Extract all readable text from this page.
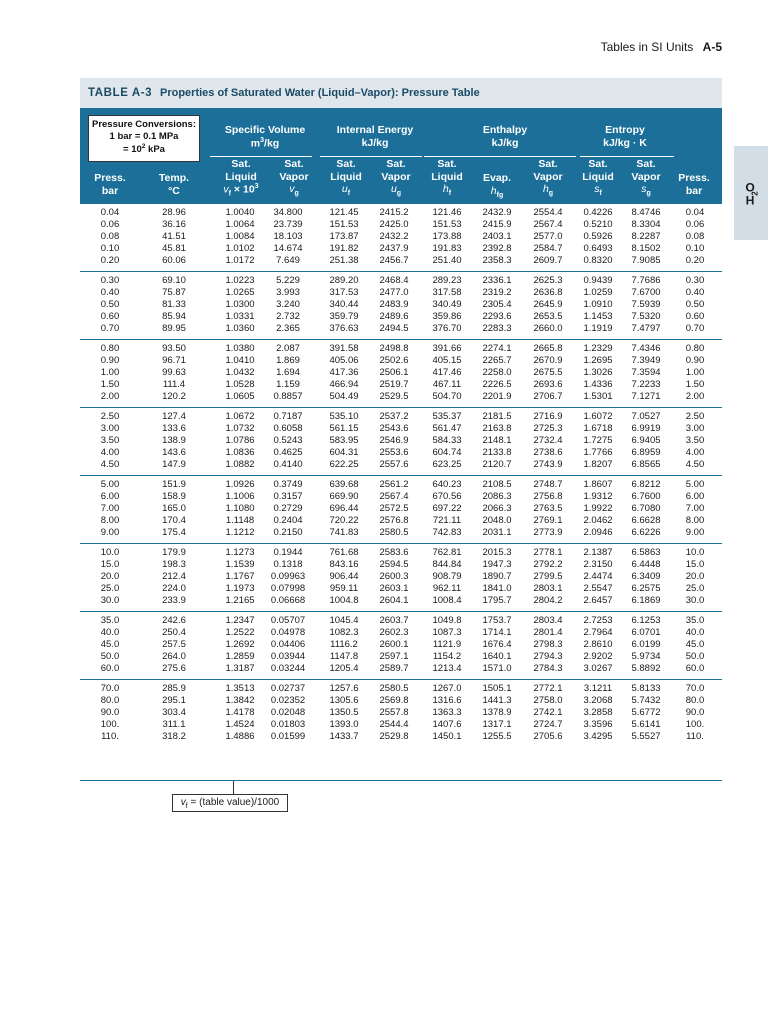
Tables in SI Units A-5
$H_2O$
TABLE A-3 Properties of Saturated Water (Liquid–Vapor): Pressure Table
Pressure Conversions:
1 bar = 0.1 MPa
= $10^2$ kPa
Specific Volume
$m^3/kg$
Internal Energy
kJ/kg
Enthalpy
kJ/kg
Entropy
kJ/kg · K
Press.
bar
Temp.
°C
Sat.
Liquid
$v_f \times 10^3$
Sat.
Vapor
$v_g$
Sat.
Liquid
$u_f$
Sat.
Vapor
$u_g$
Sat.
Liquid
$h_f$
Evap.
$h_{fg}$
Sat.
Vapor
$h_g$
Sat.
Liquid
$s_f$
Sat.
Vapor
$s_g$
Press.
bar
0.04	28.96	1.0040	34.800	121.45	2415.2	121.46	2432.9	2554.4	0.4226	8.4746	0.04
0.06	36.16	1.0064	23.739	151.53	2425.0	151.53	2415.9	2567.4	0.5210	8.3304	0.06
0.08	41.51	1.0084	18.103	173.87	2432.2	173.88	2403.1	2577.0	0.5926	8.2287	0.08
0.10	45.81	1.0102	14.674	191.82	2437.9	191.83	2392.8	2584.7	0.6493	8.1502	0.10
0.20	60.06	1.0172	7.649	251.38	2456.7	251.40	2358.3	2609.7	0.8320	7.9085	0.20
0.30	69.10	1.0223	5.229	289.20	2468.4	289.23	2336.1	2625.3	0.9439	7.7686	0.30
0.40	75.87	1.0265	3.993	317.53	2477.0	317.58	2319.2	2636.8	1.0259	7.6700	0.40
0.50	81.33	1.0300	3.240	340.44	2483.9	340.49	2305.4	2645.9	1.0910	7.5939	0.50
0.60	85.94	1.0331	2.732	359.79	2489.6	359.86	2293.6	2653.5	1.1453	7.5320	0.60
0.70	89.95	1.0360	2.365	376.63	2494.5	376.70	2283.3	2660.0	1.1919	7.4797	0.70
0.80	93.50	1.0380	2.087	391.58	2498.8	391.66	2274.1	2665.8	1.2329	7.4346	0.80
0.90	96.71	1.0410	1.869	405.06	2502.6	405.15	2265.7	2670.9	1.2695	7.3949	0.90
1.00	99.63	1.0432	1.694	417.36	2506.1	417.46	2258.0	2675.5	1.3026	7.3594	1.00
1.50	111.4	1.0528	1.159	466.94	2519.7	467.11	2226.5	2693.6	1.4336	7.2233	1.50
2.00	120.2	1.0605	0.8857	504.49	2529.5	504.70	2201.9	2706.7	1.5301	7.1271	2.00
2.50	127.4	1.0672	0.7187	535.10	2537.2	535.37	2181.5	2716.9	1.6072	7.0527	2.50
3.00	133.6	1.0732	0.6058	561.15	2543.6	561.47	2163.8	2725.3	1.6718	6.9919	3.00
3.50	138.9	1.0786	0.5243	583.95	2546.9	584.33	2148.1	2732.4	1.7275	6.9405	3.50
4.00	143.6	1.0836	0.4625	604.31	2553.6	604.74	2133.8	2738.6	1.7766	6.8959	4.00
4.50	147.9	1.0882	0.4140	622.25	2557.6	623.25	2120.7	2743.9	1.8207	6.8565	4.50
5.00	151.9	1.0926	0.3749	639.68	2561.2	640.23	2108.5	2748.7	1.8607	6.8212	5.00
6.00	158.9	1.1006	0.3157	669.90	2567.4	670.56	2086.3	2756.8	1.9312	6.7600	6.00
7.00	165.0	1.1080	0.2729	696.44	2572.5	697.22	2066.3	2763.5	1.9922	6.7080	7.00
8.00	170.4	1.1148	0.2404	720.22	2576.8	721.11	2048.0	2769.1	2.0462	6.6628	8.00
9.00	175.4	1.1212	0.2150	741.83	2580.5	742.83	2031.1	2773.9	2.0946	6.6226	9.00
10.0	179.9	1.1273	0.1944	761.68	2583.6	762.81	2015.3	2778.1	2.1387	6.5863	10.0
15.0	198.3	1.1539	0.1318	843.16	2594.5	844.84	1947.3	2792.2	2.3150	6.4448	15.0
20.0	212.4	1.1767	0.09963	906.44	2600.3	908.79	1890.7	2799.5	2.4474	6.3409	20.0
25.0	224.0	1.1973	0.07998	959.11	2603.1	962.11	1841.0	2803.1	2.5547	6.2575	25.0
30.0	233.9	1.2165	0.06668	1004.8	2604.1	1008.4	1795.7	2804.2	2.6457	6.1869	30.0
35.0	242.6	1.2347	0.05707	1045.4	2603.7	1049.8	1753.7	2803.4	2.7253	6.1253	35.0
40.0	250.4	1.2522	0.04978	1082.3	2602.3	1087.3	1714.1	2801.4	2.7964	6.0701	40.0
45.0	257.5	1.2692	0.04406	1116.2	2600.1	1121.9	1676.4	2798.3	2.8610	6.0199	45.0
50.0	264.0	1.2859	0.03944	1147.8	2597.1	1154.2	1640.1	2794.3	2.9202	5.9734	50.0
60.0	275.6	1.3187	0.03244	1205.4	2589.7	1213.4	1571.0	2784.3	3.0267	5.8892	60.0
70.0	285.9	1.3513	0.02737	1257.6	2580.5	1267.0	1505.1	2772.1	3.1211	5.8133	70.0
80.0	295.1	1.3842	0.02352	1305.6	2569.8	1316.6	1441.3	2758.0	3.2068	5.7432	80.0
90.0	303.4	1.4178	0.02048	1350.5	2557.8	1363.3	1378.9	2742.1	3.2858	5.6772	90.0
100.	311.1	1.4524	0.01803	1393.0	2544.4	1407.6	1317.1	2724.7	3.3596	5.6141	100.
110.	318.2	1.4886	0.01599	1433.7	2529.8	1450.1	1255.5	2705.6	3.4295	5.5527	110.
$v_f$ = (table value)/1000
